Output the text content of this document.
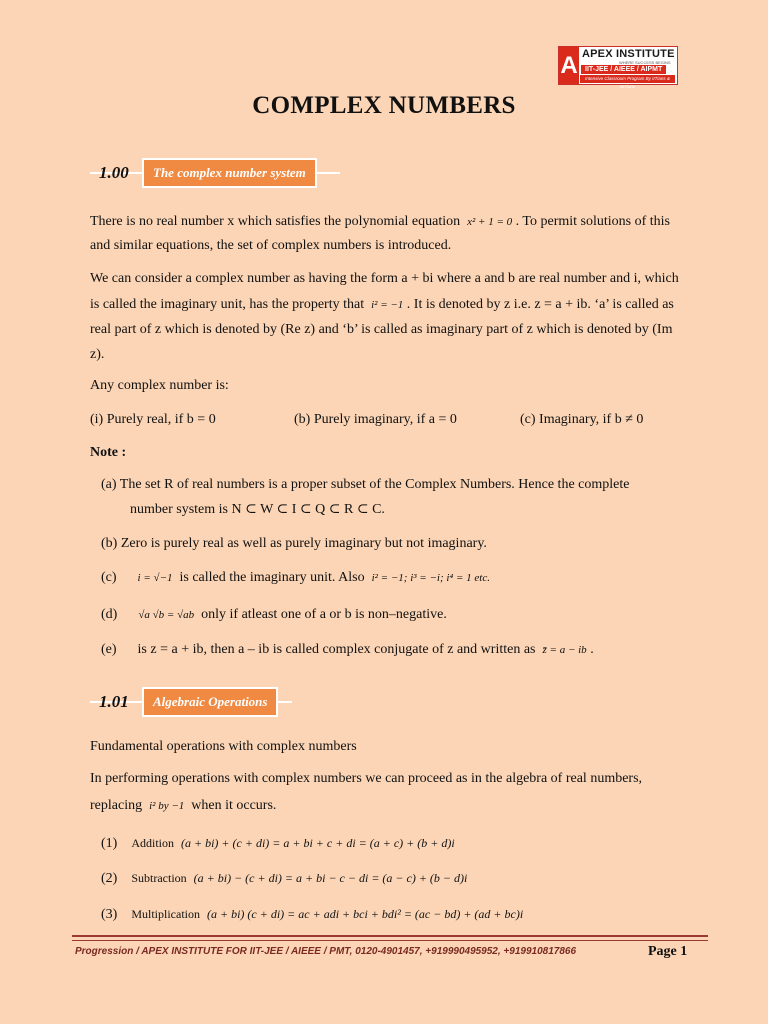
A APEX INSTITUTE
WHERE SUCCESS BEGINS
IIT-JEE / AIEEE / AIPMT
Intensive Classroom Program By IITians & NITians
COMPLEX NUMBERS
1.00	The complex number system
There is no real number x which satisfies the polynomial equation x² + 1 = 0 . To permit solutions of this
and similar equations, the set of complex numbers is introduced.
We can consider a complex number as having the form a + bi where a and b are real number and i, which
is called the imaginary unit, has the property that i² = −1 . It is denoted by z i.e. z = a + ib. ‘a’ is called as
real part of z which is denoted by (Re z) and ‘b’ is called as imaginary part of z which is denoted by (Im
z).
Any complex number is:
(i) Purely real, if b = 0	(b) Purely imaginary, if a = 0	(c) Imaginary, if b ≠ 0
Note :
(a) The set R of real numbers is a proper subset of the Complex Numbers. Hence the complete
number system is N ⊂ W ⊂ I ⊂ Q ⊂ R ⊂ C.
(b) Zero is purely real as well as purely imaginary but not imaginary.
(c) i = √−1 is called the imaginary unit. Also i² = −1; i³ = −i; i⁴ = 1 etc.
(d) √a √b = √ab only if atleast one of a or b is non–negative.
(e) is z = a + ib, then a – ib is called complex conjugate of z and written as z̄ = a − ib .
1.01	Algebraic Operations
Fundamental operations with complex numbers
In performing operations with complex numbers we can proceed as in the algebra of real numbers,
replacing i² by −1 when it occurs.
(1) Addition (a + bi) + (c + di) = a + bi + c + di = (a + c) + (b + d)i
(2) Subtraction (a + bi) − (c + di) = a + bi − c − di = (a − c) + (b − d)i
(3) Multiplication (a + bi) (c + di) = ac + adi + bci + bdi² = (ac − bd) + (ad + bc)i
Progression / APEX INSTITUTE FOR IIT-JEE / AIEEE / PMT, 0120-4901457, +919990495952, +919910817866	Page 1
